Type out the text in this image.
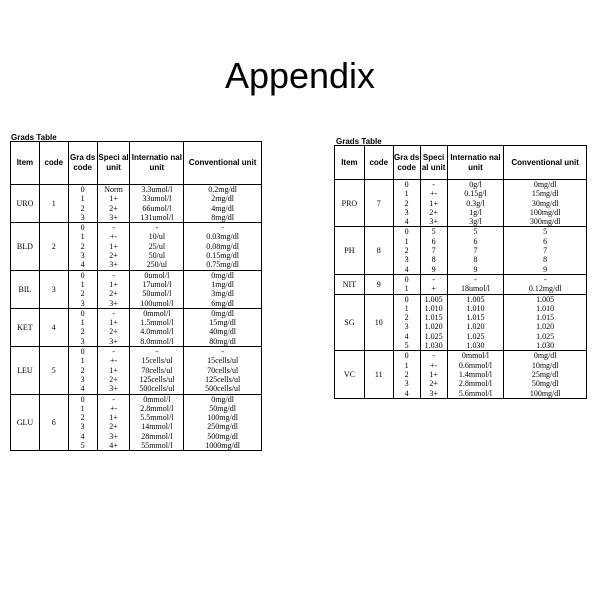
Appendix
Grads Table
Item	code	Gra ds code	Speci al unit	Internatio nal unit	Conventional unit
URO	1	0	Norm	3.3umol/l	0.2mg/dl
		1	1+	33umol/l	2mg/dl
		2	2+	66umol/l	4mg/dl
		3	3+	131umol/l	8mg/dl
BLD	2	0	-	-	-
		1	+-	10/ul	0.03mg/dl
		2	1+	25/ul	0.08mg/dl
		3	2+	50/ul	0.15mg/dl
		4	3+	250/ul	0.75mg/dl
BIL	3	0	-	0umol/l	0mg/dl
		1	1+	17umol/l	1mg/dl
		2	2+	50umol/l	3mg/dl
		3	3+	100umol/l	6mg/dl
KET	4	0	-	0mmol/l	0mg/dl
		1	1+	1.5mmol/l	15mg/dl
		2	2+	4.0mmol/l	40mg/dl
		3	3+	8.0mmol/l	80mg/dl
LEU	5	0	-	-	-
		1	+-	15cells/ul	15cells/ul
		2	1+	70cells/ul	70cells/ul
		3	2+	125cells/ul	125cells/ul
		4	3+	500cells/ul	500cells/ul
GLU	6	0	-	0mmol/l	0mg/dl
		1	+-	2.8mmol/l	50mg/dl
		2	1+	5.5mmol/l	100mg/dl
		3	2+	14mmol/l	250mg/dl
		4	3+	28mmol/l	500mg/dl
		5	4+	55mmol/l	1000mg/dl
Grads Table
Item	code	Gra ds code	Speci al unit	Internatio nal unit	Conventional unit
PRO	7	0	-	0g/l	0mg/dl
		1	+-	0.15g/l	15mg/dl
		2	1+	0.3g/l	30mg/dl
		3	2+	1g/l	100mg/dl
		4	3+	3g/l	300mg/dl
PH	8	0	5	5	5
		1	6	6	6
		2	7	7	7
		3	8	8	8
		4	9	9	9
NIT	9	0	-	-	-
		1	+	18umol/l	0.12mg/dl
SG	10	0	1.005	1.005	1.005
		1	1.010	1.010	1.010
		2	1.015	1.015	1.015
		3	1.020	1.020	1.020
		4	1.025	1.025	1.025
		5	1.030	1.030	1.030
VC	11	0	-	0mmol/l	0mg/dl
		1	+-	0.6mmol/l	10mg/dl
		2	1+	1.4mmol/l	25mg/dl
		3	2+	2.8mmol/l	50mg/dl
		4	3+	5.6mmol/l	100mg/dl
